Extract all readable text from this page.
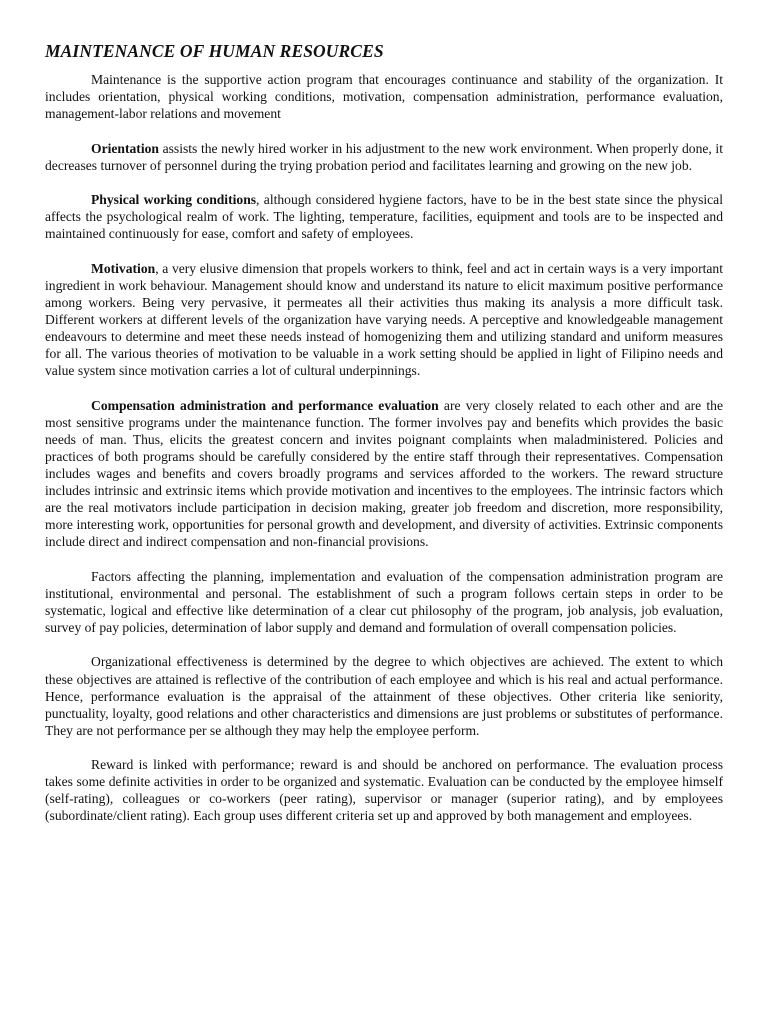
MAINTENANCE OF HUMAN RESOURCES

Maintenance is the supportive action program that encourages continuance and stability of the organization. It includes orientation, physical working conditions, motivation, compensation administration, performance evaluation, management-labor relations and movement

Orientation assists the newly hired worker in his adjustment to the new work environment. When properly done, it decreases turnover of personnel during the trying probation period and facilitates learning and growing on the new job.

Physical working conditions, although considered hygiene factors, have to be in the best state since the physical affects the psychological realm of work. The lighting, temperature, facilities, equipment and tools are to be inspected and maintained continuously for ease, comfort and safety of employees.

Motivation, a very elusive dimension that propels workers to think, feel and act in certain ways is a very important ingredient in work behaviour. Management should know and understand its nature to elicit maximum positive performance among workers. Being very pervasive, it permeates all their activities thus making its analysis a more difficult task. Different workers at different levels of the organization have varying needs. A perceptive and knowledgeable management endeavours to determine and meet these needs instead of homogenizing them and utilizing standard and uniform measures for all. The various theories of motivation to be valuable in a work setting should be applied in light of Filipino needs and value system since motivation carries a lot of cultural underpinnings.

Compensation administration and performance evaluation are very closely related to each other and are the most sensitive programs under the maintenance function. The former involves pay and benefits which provides the basic needs of man. Thus, elicits the greatest concern and invites poignant complaints when maladministered. Policies and practices of both programs should be carefully considered by the entire staff through their representatives. Compensation includes wages and benefits and covers broadly programs and services afforded to the workers. The reward structure includes intrinsic and extrinsic items which provide motivation and incentives to the employees. The intrinsic factors which are the real motivators include participation in decision making, greater job freedom and discretion, more responsibility, more interesting work, opportunities for personal growth and development, and diversity of activities. Extrinsic components include direct and indirect compensation and non-financial provisions.

Factors affecting the planning, implementation and evaluation of the compensation administration program are institutional, environmental and personal. The establishment of such a program follows certain steps in order to be systematic, logical and effective like determination of a clear cut philosophy of the program, job analysis, job evaluation, survey of pay policies, determination of labor supply and demand and formulation of overall compensation policies.

Organizational effectiveness is determined by the degree to which objectives are achieved. The extent to which these objectives are attained is reflective of the contribution of each employee and which is his real and actual performance. Hence, performance evaluation is the appraisal of the attainment of these objectives. Other criteria like seniority, punctuality, loyalty, good relations and other characteristics and dimensions are just problems or substitutes of performance. They are not performance per se although they may help the employee perform.

Reward is linked with performance; reward is and should be anchored on performance. The evaluation process takes some definite activities in order to be organized and systematic. Evaluation can be conducted by the employee himself (self-rating), colleagues or co-workers (peer rating), supervisor or manager (superior rating), and by employees (subordinate/client rating). Each group uses different criteria set up and approved by both management and employees.
